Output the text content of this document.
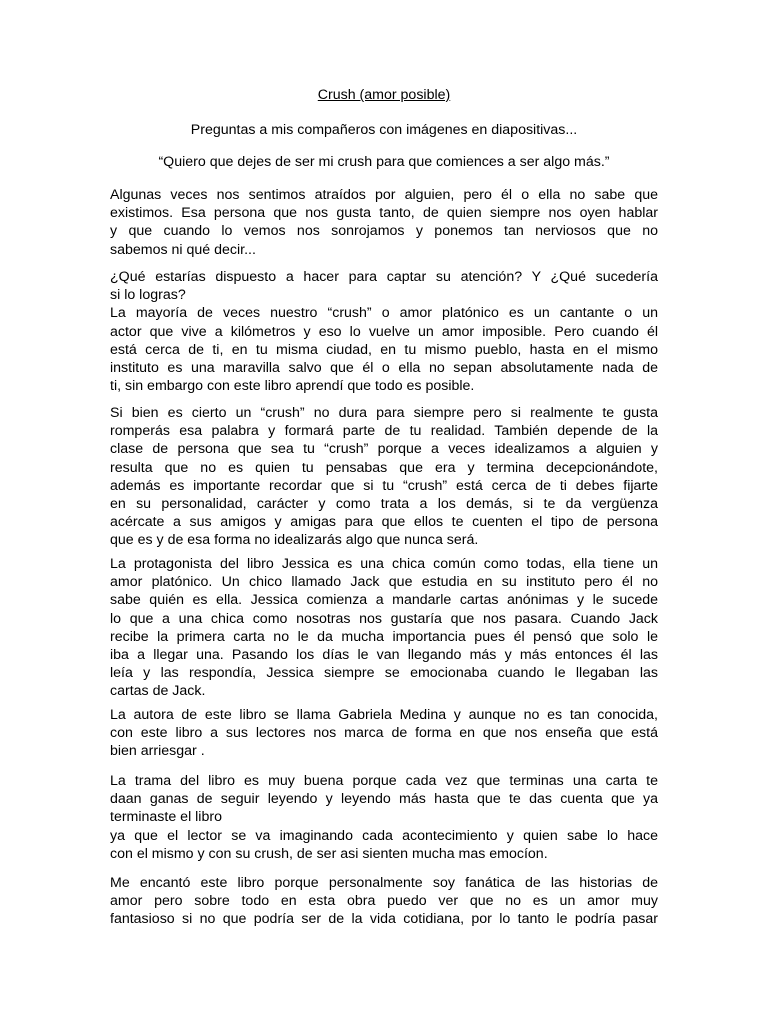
Crush (amor posible)
Preguntas a mis compañeros con imágenes en diapositivas...
“Quiero que dejes de ser mi crush para que comiences a ser algo más.”
Algunas veces nos sentimos atraídos por alguien, pero él o ella no sabe que
existimos. Esa persona que nos gusta tanto, de quien siempre nos oyen hablar
y que cuando lo vemos nos sonrojamos y ponemos tan nerviosos que no
sabemos ni qué decir...
¿Qué estarías dispuesto a hacer para captar su atención? Y ¿Qué sucedería
si lo logras?
La mayoría de veces nuestro “crush” o amor platónico es un cantante o un
actor que vive a kilómetros y eso lo vuelve un amor imposible. Pero cuando él
está cerca de ti, en tu misma ciudad, en tu mismo pueblo, hasta en el mismo
instituto es una maravilla salvo que él o ella no sepan absolutamente nada de
ti, sin embargo con este libro aprendí que todo es posible.
Si bien es cierto un “crush” no dura para siempre pero si realmente te gusta
romperás esa palabra y formará parte de tu realidad. También depende de la
clase de persona que sea tu “crush” porque a veces idealizamos a alguien y
resulta que no es quien tu pensabas que era y termina decepcionándote,
además es importante recordar que si tu “crush” está cerca de ti debes fijarte
en su personalidad, carácter y como trata a los demás, si te da vergüenza
acércate a sus amigos y amigas para que ellos te cuenten el tipo de persona
que es y de esa forma no idealizarás algo que nunca será.
La protagonista del libro Jessica es una chica común como todas, ella tiene un
amor platónico. Un chico llamado Jack que estudia en su instituto pero él no
sabe quién es ella. Jessica comienza a mandarle cartas anónimas y le sucede
lo que a una chica como nosotras nos gustaría que nos pasara. Cuando Jack
recibe la primera carta no le da mucha importancia pues él pensó que solo le
iba a llegar una. Pasando los días le van llegando más y más entonces él las
leía y las respondía, Jessica siempre se emocionaba cuando le llegaban las
cartas de Jack.
La autora de este libro se llama Gabriela Medina y aunque no es tan conocida,
con este libro a sus lectores nos marca de forma en que nos enseña que está
bien arriesgar .
La trama del libro es muy buena porque cada vez que terminas una carta te
daan ganas de seguir leyendo y leyendo más hasta que te das cuenta que ya
terminaste el libro
ya que el lector se va imaginando cada acontecimiento y quien sabe lo hace
con el mismo y con su crush, de ser asi sienten mucha mas emocíon.
Me encantó este libro porque personalmente soy fanática de las historias de
amor pero sobre todo en esta obra puedo ver que no es un amor muy
fantasioso si no que podría ser de la vida cotidiana, por lo tanto le podría pasar
